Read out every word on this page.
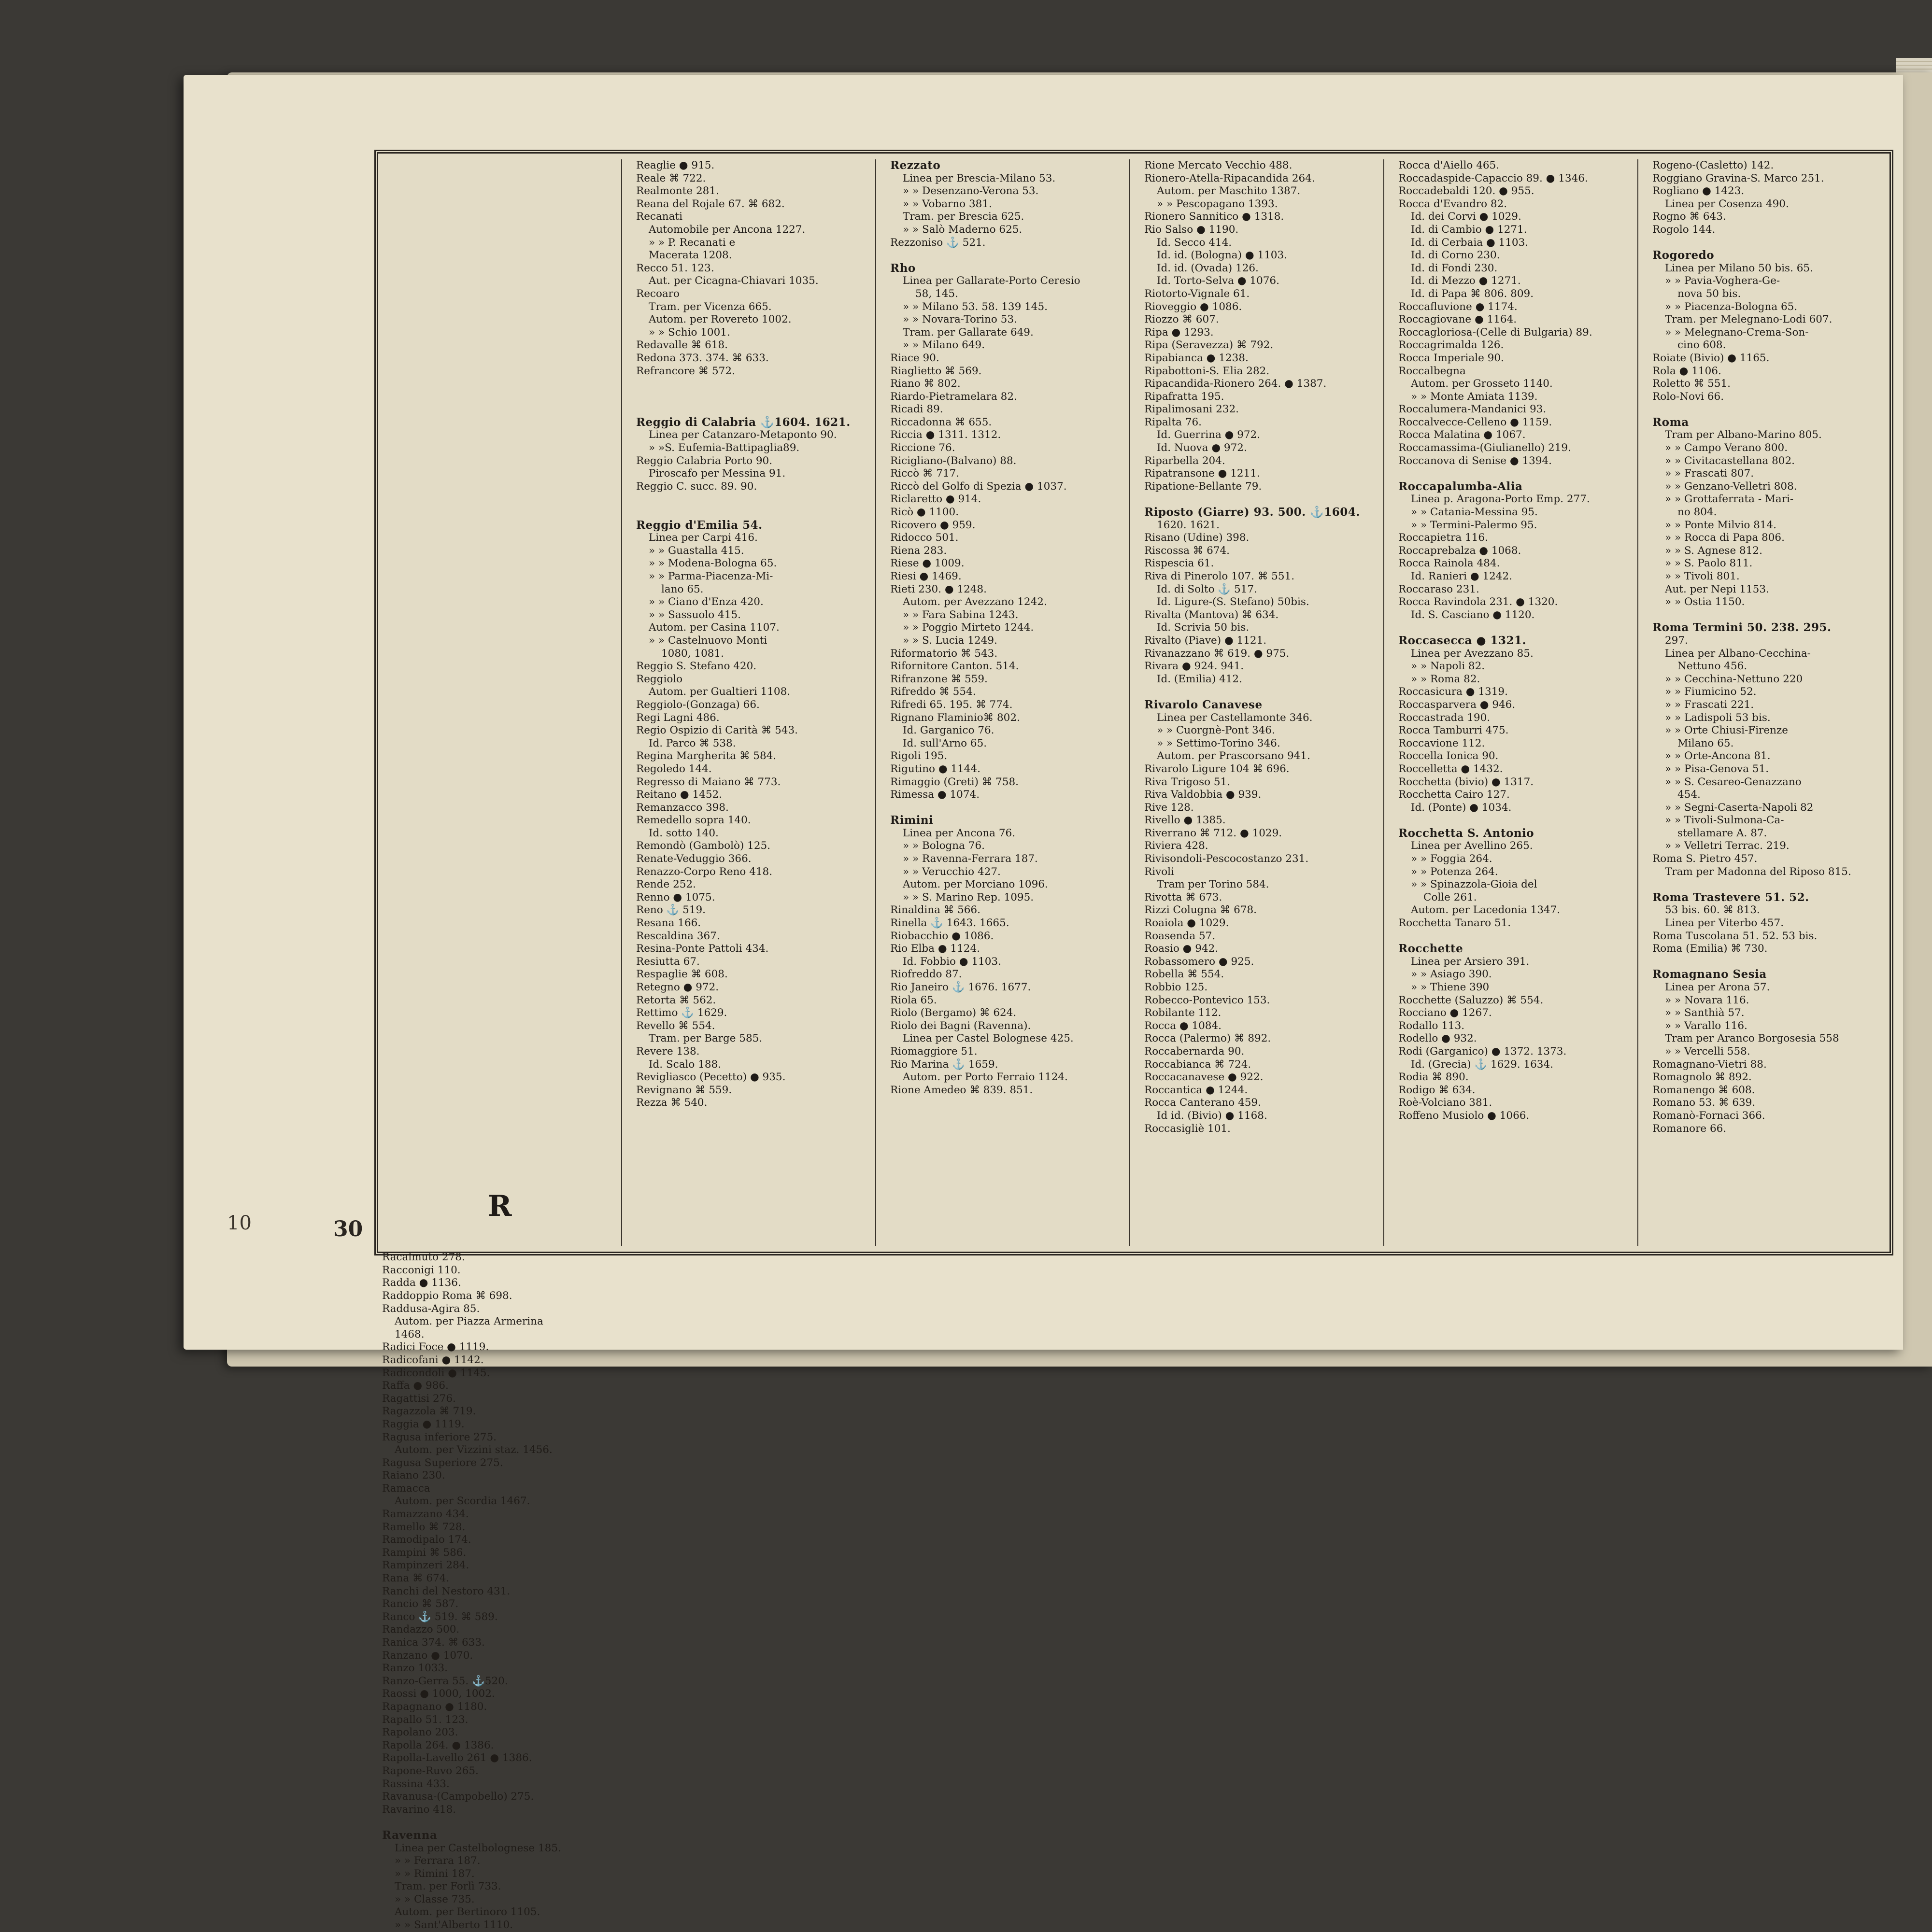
10	30
R
Racalmuto 278.
Racconigi 110.
Radda ● 1136.
Raddoppio Roma ⌘ 698.
Raddusa-Agira 85.
Autom. per Piazza Armerina
1468.
Radici Foce ● 1119.
Radicofani ● 1142.
Radicondoli ● 1145.
Raffa ● 986.
Ragattisi 276.
Ragazzola ⌘ 719.
Raggia ● 1119.
Ragusa inferiore 275.
Autom. per Vizzini staz. 1456.
Ragusa Superiore 275.
Raiano 230.
Ramacca
Autom. per Scordia 1467.
Ramazzano 434.
Ramello ⌘ 728.
Ramodipalo 174.
Rampini ⌘ 586.
Rampinzeri 284.
Rana ⌘ 674.
Ranchi del Nestoro 431.
Rancio ⌘ 587.
Ranco ⚓ 519. ⌘ 589.
Randazzo 500.
Ranica 374. ⌘ 633.
Ranzano ● 1070.
Ranzo 1033.
Ranzo-Gerra 55. ⚓520.
Raossi ● 1000, 1002.
Rapagnano ● 1180.
Rapallo 51. 123.
Rapolano 203.
Rapolla 264. ● 1386.
Rapolla-Lavello 261 ● 1386.
Rapone-Ruvo 265.
Rassina 433.
Ravanusa-(Campobello) 275.
Ravarino 418.
Ravenna
Linea per Castelbolognese 185.
» » Ferrara 187.
» » Rimini 187.
Tram. per Forlì 733.
» » Classe 735.
Autom. per Bertinoro 1105.
» » Sant'Alberto 1110.
Reaglie ● 915.
Reale ⌘ 722.
Realmonte 281.
Reana del Rojale 67. ⌘ 682.
Recanati
Automobile per Ancona 1227.
» » P. Recanati e
Macerata 1208.
Recco 51. 123.
Aut. per Cicagna-Chiavari 1035.
Recoaro
Tram. per Vicenza 665.
Autom. per Rovereto 1002.
» » Schio 1001.
Redavalle ⌘ 618.
Redona 373. 374. ⌘ 633.
Refrancore ⌘ 572.
Reggio di Calabria ⚓1604. 1621.
Linea per Catanzaro-Metaponto 90.
» »S. Eufemia-Battipaglia89.
Reggio Calabria Porto 90.
Piroscafo per Messina 91.
Reggio C. succ. 89. 90.
Reggio d'Emilia 54.
Linea per Carpi 416.
» » Guastalla 415.
» » Modena-Bologna 65.
» » Parma-Piacenza-Mi-
lano 65.
» » Ciano d'Enza 420.
» » Sassuolo 415.
Autom. per Casina 1107.
» » Castelnuovo Monti
1080, 1081.
Reggio S. Stefano 420.
Reggiolo
Autom. per Gualtieri 1108.
Reggiolo-(Gonzaga) 66.
Regi Lagni 486.
Regio Ospizio di Carità ⌘ 543.
Id. Parco ⌘ 538.
Regina Margherita ⌘ 584.
Regoledo 144.
Regresso di Maiano ⌘ 773.
Reitano ● 1452.
Remanzacco 398.
Remedello sopra 140.
Id. sotto 140.
Remondò (Gambolò) 125.
Renate-Veduggio 366.
Renazzo-Corpo Reno 418.
Rende 252.
Renno ● 1075.
Reno ⚓ 519.
Resana 166.
Rescaldina 367.
Resina-Ponte Pattoli 434.
Resiutta 67.
Respaglie ⌘ 608.
Retegno ● 972.
Retorta ⌘ 562.
Rettimo ⚓ 1629.
Revello ⌘ 554.
Tram. per Barge 585.
Revere 138.
Id. Scalo 188.
Revigliasco (Pecetto) ● 935.
Revignano ⌘ 559.
Rezza ⌘ 540.
Rezzato
Linea per Brescia-Milano 53.
» » Desenzano-Verona 53.
» » Vobarno 381.
Tram. per Brescia 625.
» » Salò Maderno 625.
Rezzoniso ⚓ 521.
Rho
Linea per Gallarate-Porto Ceresio
58, 145.
» » Milano 53. 58. 139 145.
» » Novara-Torino 53.
Tram. per Gallarate 649.
» » Milano 649.
Riace 90.
Riaglietto ⌘ 569.
Riano ⌘ 802.
Riardo-Pietramelara 82.
Ricadi 89.
Riccadonna ⌘ 655.
Riccia ● 1311. 1312.
Riccione 76.
Ricigliano-(Balvano) 88.
Riccò ⌘ 717.
Riccò del Golfo di Spezia ● 1037.
Riclaretto ● 914.
Ricò ● 1100.
Ricovero ● 959.
Ridocco 501.
Riena 283.
Riese ● 1009.
Riesi ● 1469.
Rieti 230. ● 1248.
Autom. per Avezzano 1242.
» » Fara Sabina 1243.
» » Poggio Mirteto 1244.
» » S. Lucia 1249.
Riformatorio ⌘ 543.
Rifornitore Canton. 514.
Rifranzone ⌘ 559.
Rifreddo ⌘ 554.
Rifredi 65. 195. ⌘ 774.
Rignano Flaminio⌘ 802.
Id. Garganico 76.
Id. sull'Arno 65.
Rigoli 195.
Rigutino ● 1144.
Rimaggio (Greti) ⌘ 758.
Rimessa ● 1074.
Rimini
Linea per Ancona 76.
» » Bologna 76.
» » Ravenna-Ferrara 187.
» » Verucchio 427.
Autom. per Morciano 1096.
» » S. Marino Rep. 1095.
Rinaldina ⌘ 566.
Rinella ⚓ 1643. 1665.
Riobacchio ● 1086.
Rio Elba ● 1124.
Id. Fobbio ● 1103.
Riofreddo 87.
Rio Janeiro ⚓ 1676. 1677.
Riola 65.
Riolo (Bergamo) ⌘ 624.
Riolo dei Bagni (Ravenna).
Linea per Castel Bolognese 425.
Riomaggiore 51.
Rio Marina ⚓ 1659.
Autom. per Porto Ferraio 1124.
Rione Amedeo ⌘ 839. 851.
Rione Mercato Vecchio 488.
Rionero-Atella-Ripacandida 264.
Autom. per Maschito 1387.
» » Pescopagano 1393.
Rionero Sannitico ● 1318.
Rio Salso ● 1190.
Id. Secco 414.
Id. id. (Bologna) ● 1103.
Id. id. (Ovada) 126.
Id. Torto-Selva ● 1076.
Riotorto-Vignale 61.
Rioveggio ● 1086.
Riozzo ⌘ 607.
Ripa ● 1293.
Ripa (Seravezza) ⌘ 792.
Ripabianca ● 1238.
Ripabottoni-S. Elia 282.
Ripacandida-Rionero 264. ● 1387.
Ripafratta 195.
Ripalimosani 232.
Ripalta 76.
Id. Guerrina ● 972.
Id. Nuova ● 972.
Riparbella 204.
Ripatransone ● 1211.
Ripatione-Bellante 79.
Riposto (Giarre) 93. 500. ⚓1604.
1620. 1621.
Risano (Udine) 398.
Riscossa ⌘ 674.
Rispescia 61.
Riva di Pinerolo 107. ⌘ 551.
Id. di Solto ⚓ 517.
Id. Ligure-(S. Stefano) 50bis.
Rivalta (Mantova) ⌘ 634.
Id. Scrivia 50 bis.
Rivalto (Piave) ● 1121.
Rivanazzano ⌘ 619. ● 975.
Rivara ● 924. 941.
Id. (Emilia) 412.
Rivarolo Canavese
Linea per Castellamonte 346.
» » Cuorgnè-Pont 346.
» » Settimo-Torino 346.
Autom. per Prascorsano 941.
Rivarolo Ligure 104 ⌘ 696.
Riva Trigoso 51.
Riva Valdobbia ● 939.
Rive 128.
Rivello ● 1385.
Riverrano ⌘ 712. ● 1029.
Riviera 428.
Rivisondoli-Pescocostanzo 231.
Rivoli
Tram per Torino 584.
Rivotta ⌘ 673.
Rizzi Colugna ⌘ 678.
Roaiola ● 1029.
Roasenda 57.
Roasio ● 942.
Robassomero ● 925.
Robella ⌘ 554.
Robbio 125.
Robecco-Pontevico 153.
Robilante 112.
Rocca ● 1084.
Rocca (Palermo) ⌘ 892.
Roccabernarda 90.
Roccabianca ⌘ 724.
Roccacanavese ● 922.
Roccantica ● 1244.
Rocca Canterano 459.
Id id. (Bivio) ● 1168.
Roccasigliè 101.
Rocca d'Aiello 465.
Roccadaspide-Capaccio 89. ● 1346.
Roccadebaldi 120. ● 955.
Rocca d'Evandro 82.
Id. dei Corvi ● 1029.
Id. di Cambio ● 1271.
Id. di Cerbaia ● 1103.
Id. di Corno 230.
Id. di Fondi 230.
Id. di Mezzo ● 1271.
Id. di Papa ⌘ 806. 809.
Roccafluvione ● 1174.
Roccagiovane ● 1164.
Roccagloriosa-(Celle di Bulgaria) 89.
Roccagrimalda 126.
Rocca Imperiale 90.
Roccalbegna
Autom. per Grosseto 1140.
» » Monte Amiata 1139.
Roccalumera-Mandanici 93.
Roccalvecce-Celleno ● 1159.
Rocca Malatina ● 1067.
Roccamassima-(Giulianello) 219.
Roccanova di Senise ● 1394.
Roccapalumba-Alia
Linea p. Aragona-Porto Emp. 277.
» » Catania-Messina 95.
» » Termini-Palermo 95.
Roccapietra 116.
Roccaprebalza ● 1068.
Rocca Rainola 484.
Id. Ranieri ● 1242.
Roccaraso 231.
Rocca Ravindola 231. ● 1320.
Id. S. Casciano ● 1120.
Roccasecca ● 1321.
Linea per Avezzano 85.
» » Napoli 82.
» » Roma 82.
Roccasicura ● 1319.
Roccasparvera ● 946.
Roccastrada 190.
Rocca Tamburri 475.
Roccavione 112.
Roccella Ionica 90.
Roccelletta ● 1432.
Rocchetta (bivio) ● 1317.
Rocchetta Cairo 127.
Id. (Ponte) ● 1034.
Rocchetta S. Antonio
Linea per Avellino 265.
» » Foggia 264.
» » Potenza 264.
» » Spinazzola-Gioia del
Colle 261.
Autom. per Lacedonia 1347.
Rocchetta Tanaro 51.
Rocchette
Linea per Arsiero 391.
» » Asiago 390.
» » Thiene 390
Rocchette (Saluzzo) ⌘ 554.
Rocciano ● 1267.
Rodallo 113.
Rodello ● 932.
Rodi (Garganico) ● 1372. 1373.
Id. (Grecia) ⚓ 1629. 1634.
Rodia ⌘ 890.
Rodigo ⌘ 634.
Roè-Volciano 381.
Roffeno Musiolo ● 1066.
Rogeno-(Casletto) 142.
Roggiano Gravina-S. Marco 251.
Rogliano ● 1423.
Linea per Cosenza 490.
Rogno ⌘ 643.
Rogolo 144.
Rogoredo
Linea per Milano 50 bis. 65.
» » Pavia-Voghera-Ge-
nova 50 bis.
» » Piacenza-Bologna 65.
Tram. per Melegnano-Lodi 607.
» » Melegnano-Crema-Son-
cino 608.
Roiate (Bivio) ● 1165.
Rola ● 1106.
Roletto ⌘ 551.
Rolo-Novi 66.
Roma
Tram per Albano-Marino 805.
» » Campo Verano 800.
» » Civitacastellana 802.
» » Frascati 807.
» » Genzano-Velletri 808.
» » Grottaferrata - Mari-
no 804.
» » Ponte Milvio 814.
» » Rocca di Papa 806.
» » S. Agnese 812.
» » S. Paolo 811.
» » Tivoli 801.
Aut. per Nepi 1153.
» » Ostia 1150.
Roma Termini 50. 238. 295.
297.
Linea per Albano-Cecchina-
Nettuno 456.
» » Cecchina-Nettuno 220
» » Fiumicino 52.
» » Frascati 221.
» » Ladispoli 53 bis.
» » Orte Chiusi-Firenze
Milano 65.
» » Orte-Ancona 81.
» » Pisa-Genova 51.
» » S. Cesareo-Genazzano
454.
» » Segni-Caserta-Napoli 82
» » Tivoli-Sulmona-Ca-
stellamare A. 87.
» » Velletri Terrac. 219.
Roma S. Pietro 457.
Tram per Madonna del Riposo 815.
Roma Trastevere 51. 52.
53 bis. 60. ⌘ 813.
Linea per Viterbo 457.
Roma Tuscolana 51. 52. 53 bis.
Roma (Emilia) ⌘ 730.
Romagnano Sesia
Linea per Arona 57.
» » Novara 116.
» » Santhià 57.
» » Varallo 116.
Tram per Aranco Borgosesia 558
» » Vercelli 558.
Romagnano-Vietri 88.
Romagnolo ⌘ 892.
Romanengo ⌘ 608.
Romano 53. ⌘ 639.
Romanò-Fornaci 366.
Romanore 66.
